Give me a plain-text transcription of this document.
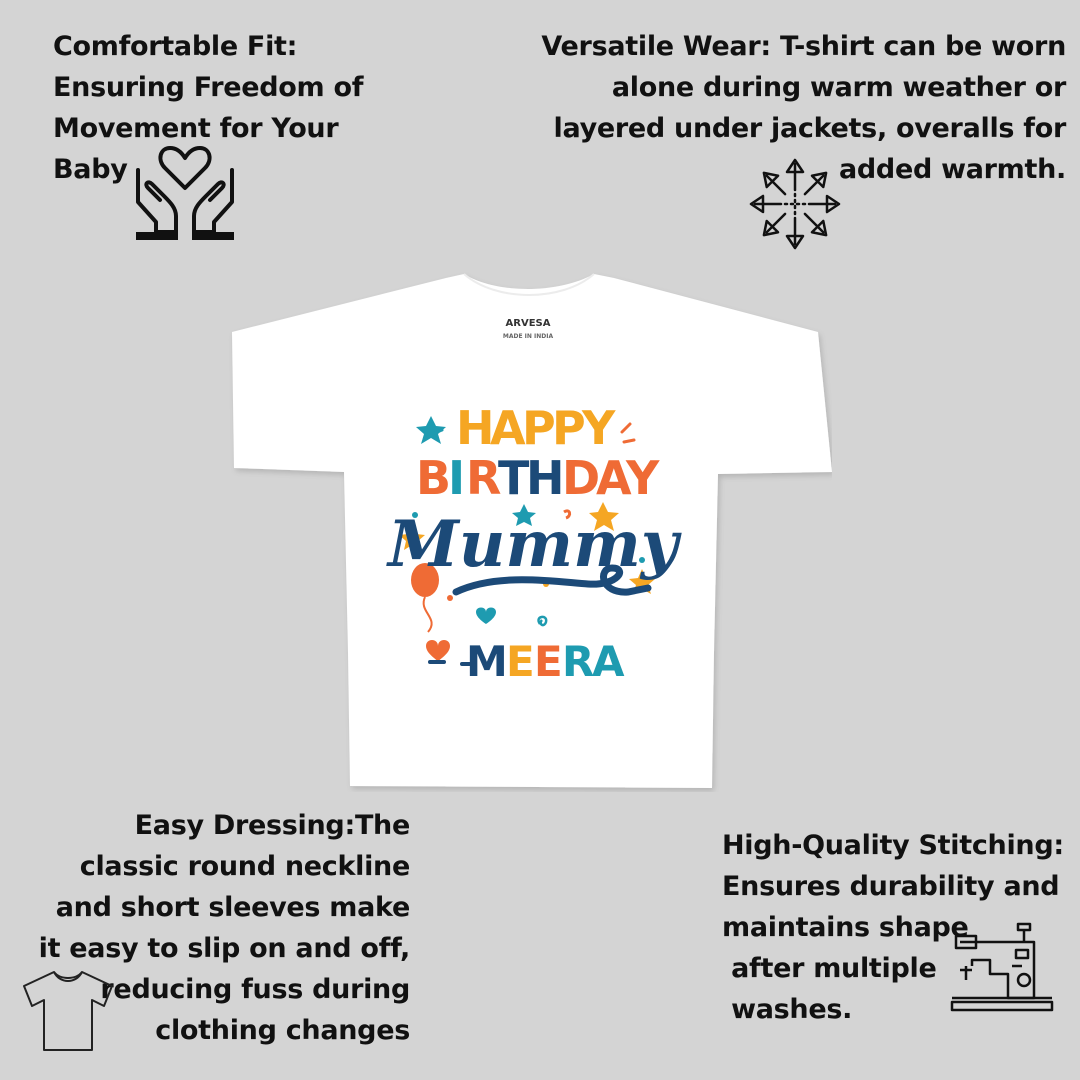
Comfortable Fit:
Ensuring Freedom of
Movement for Your
Baby
Versatile Wear: T-shirt can be worn
alone during warm weather or
layered under jackets, overalls for
added warmth.
ARVESA
MADE IN INDIA
H
A
P
P
Y
B
I R
T
H
D
A
Y
Mummy
M
E E R
A
Easy Dressing:The
classic round neckline
and short sleeves make
it easy to slip on and off,
reducing fuss during
clothing changes
High-Quality Stitching:
Ensures durability and
maintains shape
after multiple
washes.
